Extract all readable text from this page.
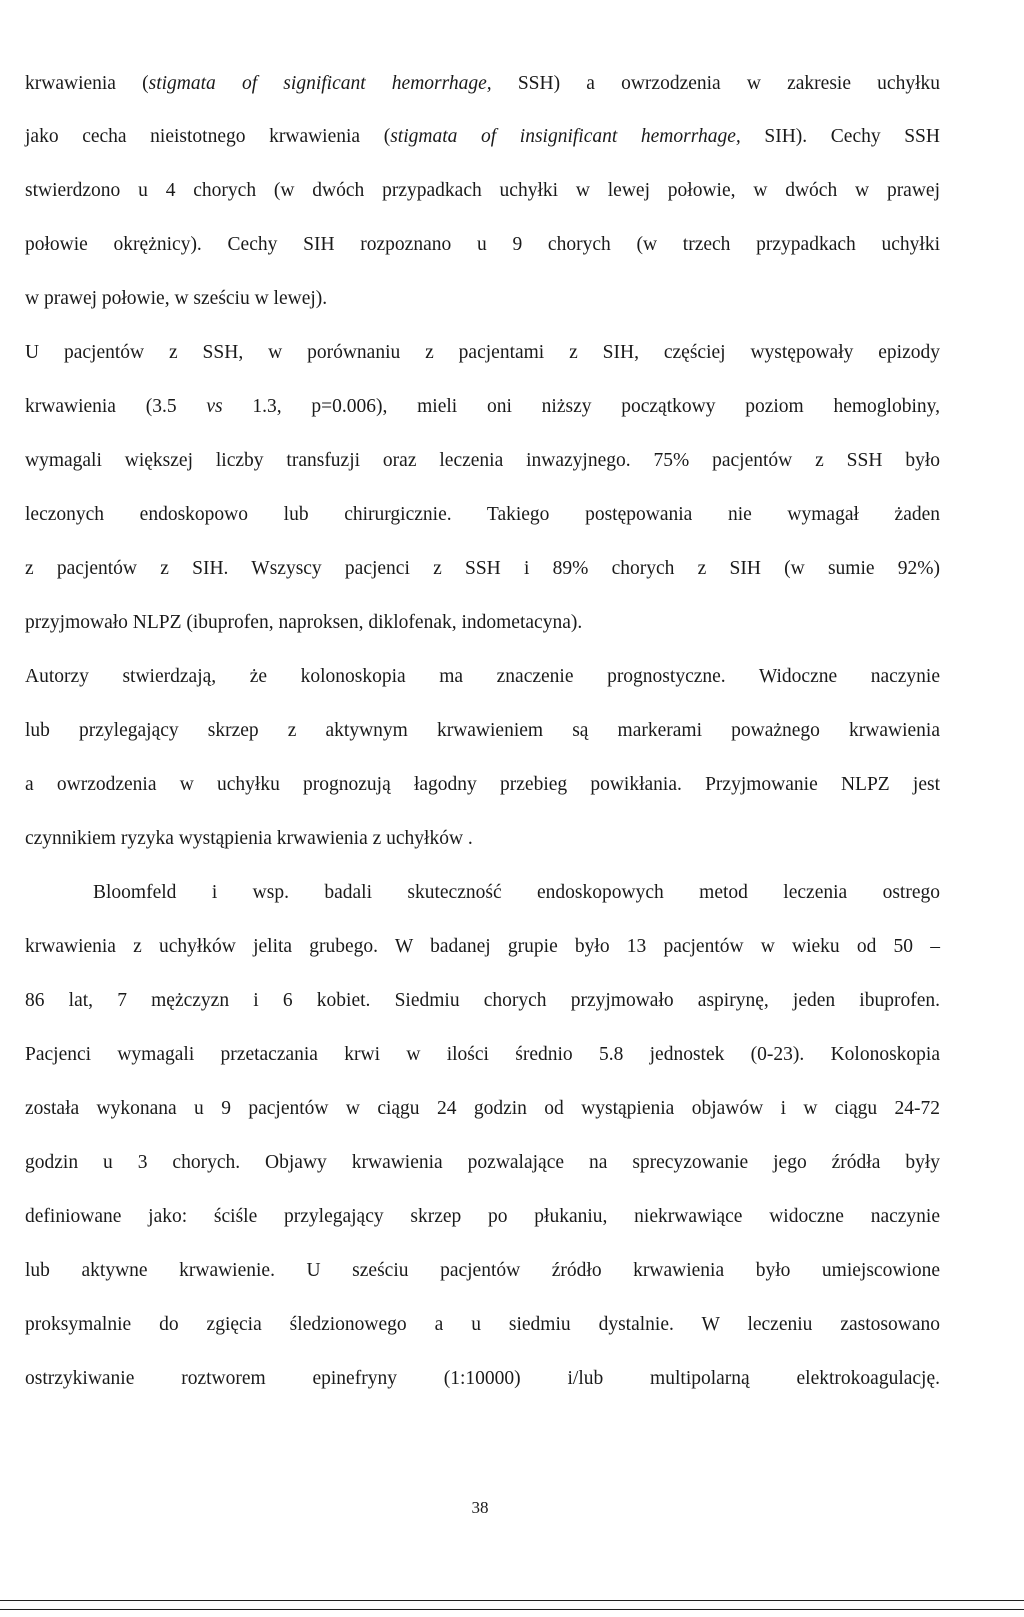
krwawienia (stigmata of significant hemorrhage, SSH) a owrzodzenia w zakresie uchyłku
jako cecha nieistotnego krwawienia (stigmata of insignificant hemorrhage, SIH). Cechy SSH
stwierdzono u 4 chorych (w dwóch przypadkach uchyłki w lewej połowie, w dwóch w prawej
połowie okrężnicy). Cechy SIH rozpoznano u 9 chorych (w trzech przypadkach uchyłki
w prawej połowie, w sześciu w lewej).
U pacjentów z SSH, w porównaniu z pacjentami z SIH, częściej występowały epizody
krwawienia (3.5 vs 1.3, p=0.006), mieli oni niższy początkowy poziom hemoglobiny,
wymagali większej liczby transfuzji oraz leczenia inwazyjnego. 75% pacjentów z SSH było
leczonych endoskopowo lub chirurgicznie. Takiego postępowania nie wymagał żaden
z pacjentów z SIH. Wszyscy pacjenci z SSH i 89% chorych z SIH (w sumie 92%)
przyjmowało NLPZ (ibuprofen, naproksen, diklofenak, indometacyna).
Autorzy stwierdzają, że kolonoskopia ma znaczenie prognostyczne. Widoczne naczynie
lub przylegający skrzep z aktywnym krwawieniem są markerami poważnego krwawienia
a owrzodzenia w uchyłku prognozują łagodny przebieg powikłania. Przyjmowanie NLPZ jest
czynnikiem ryzyka wystąpienia krwawienia z uchyłków .
Bloomfeld i wsp. badali skuteczność endoskopowych metod leczenia ostrego
krwawienia z uchyłków jelita grubego. W badanej grupie było 13 pacjentów w wieku od 50 –
86 lat, 7 mężczyzn i 6 kobiet. Siedmiu chorych przyjmowało aspirynę, jeden ibuprofen.
Pacjenci wymagali przetaczania krwi w ilości średnio 5.8 jednostek (0-23). Kolonoskopia
została wykonana u 9 pacjentów w ciągu 24 godzin od wystąpienia objawów i w ciągu 24-72
godzin u 3 chorych. Objawy krwawienia pozwalające na sprecyzowanie jego źródła były
definiowane jako: ściśle przylegający skrzep po płukaniu, niekrwawiące widoczne naczynie
lub aktywne krwawienie. U sześciu pacjentów źródło krwawienia było umiejscowione
proksymalnie do zgięcia śledzionowego a u siedmiu dystalnie. W leczeniu zastosowano
ostrzykiwanie roztworem epinefryny (1:10000) i/lub multipolarną elektrokoagulację.
38
